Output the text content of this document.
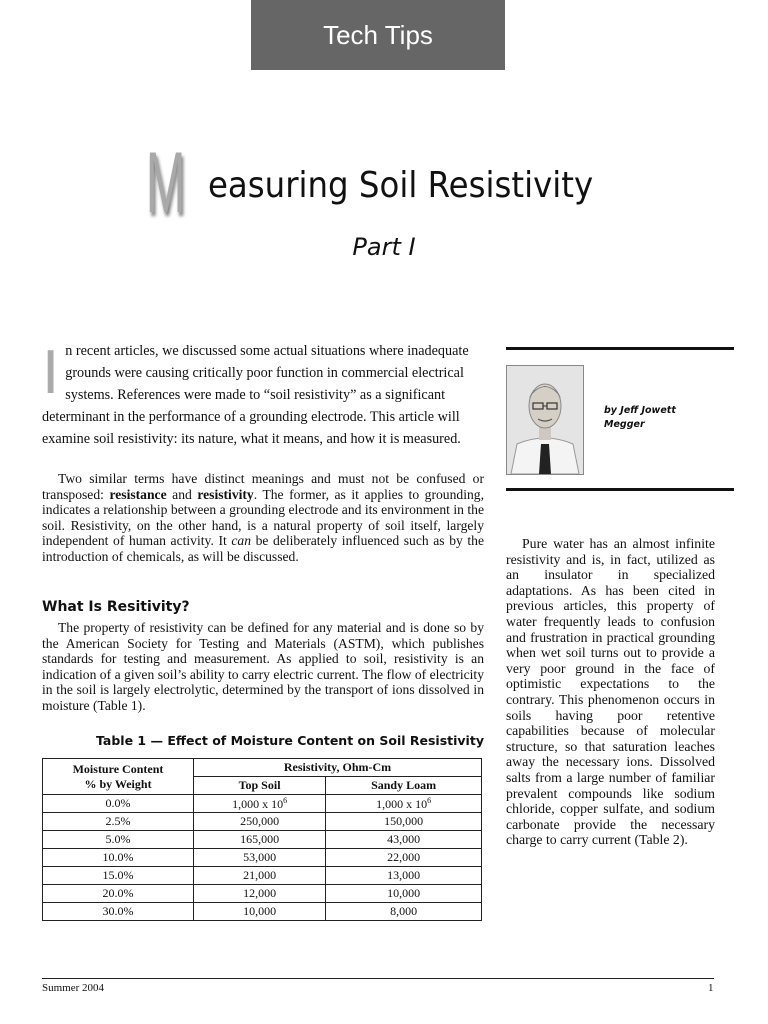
Tech Tips
M easuring Soil Resistivity
Part I
I n recent articles, we discussed some actual situations where inadequate grounds were causing critically poor function in commercial electrical systems. References were made to “soil resistivity” as a significant determinant in the performance of a grounding electrode. This article will examine soil resistivity: its nature, what it means, and how it is measured.

Two similar terms have distinct meanings and must not be confused or transposed: resistance and resistivity. The former, as it applies to grounding, indicates a relationship between a grounding electrode and its environment in the soil. Resistivity, on the other hand, is a natural property of soil itself, largely independent of human activity. It can be deliberately influenced such as by the introduction of chemicals, as will be discussed.

What Is Resitivity?

The property of resistivity can be defined for any material and is done so by the American Society for Testing and Materials (ASTM), which publishes standards for testing and measurement. As applied to soil, resistivity is an indication of a given soil’s ability to carry electric current. The flow of electricity in the soil is largely electrolytic, determined by the transport of ions dissolved in moisture (Table 1).

Table 1 — Effect of Moisture Content on Soil Resistivity
Moisture Content
% by Weight	Resistivity, Ohm-Cm	
	Top Soil	Sandy Loam
0.0%	1,000 x $10^6$	1,000 x $10^6$
2.5%	250,000	150,000
5.0%	165,000	43,000
10.0%	53,000	22,000
15.0%	21,000	13,000
20.0%	12,000	10,000
30.0%	10,000	8,000
by Jeff Jowett
Megger

Pure water has an almost infinite resistivity and is, in fact, utilized as an insulator in specialized adaptations. As has been cited in previous articles, this property of water frequently leads to confusion and frustration in practical grounding when wet soil turns out to provide a very poor ground in the face of optimistic expectations to the contrary. This phenomenon occurs in soils having poor retentive capabilities because of molecular structure, so that saturation leaches away the necessary ions. Dissolved salts from a large number of familiar prevalent compounds like sodium chloride, copper sulfate, and sodium carbonate provide the necessary charge to carry current (Table 2).

Summer 2004	1
